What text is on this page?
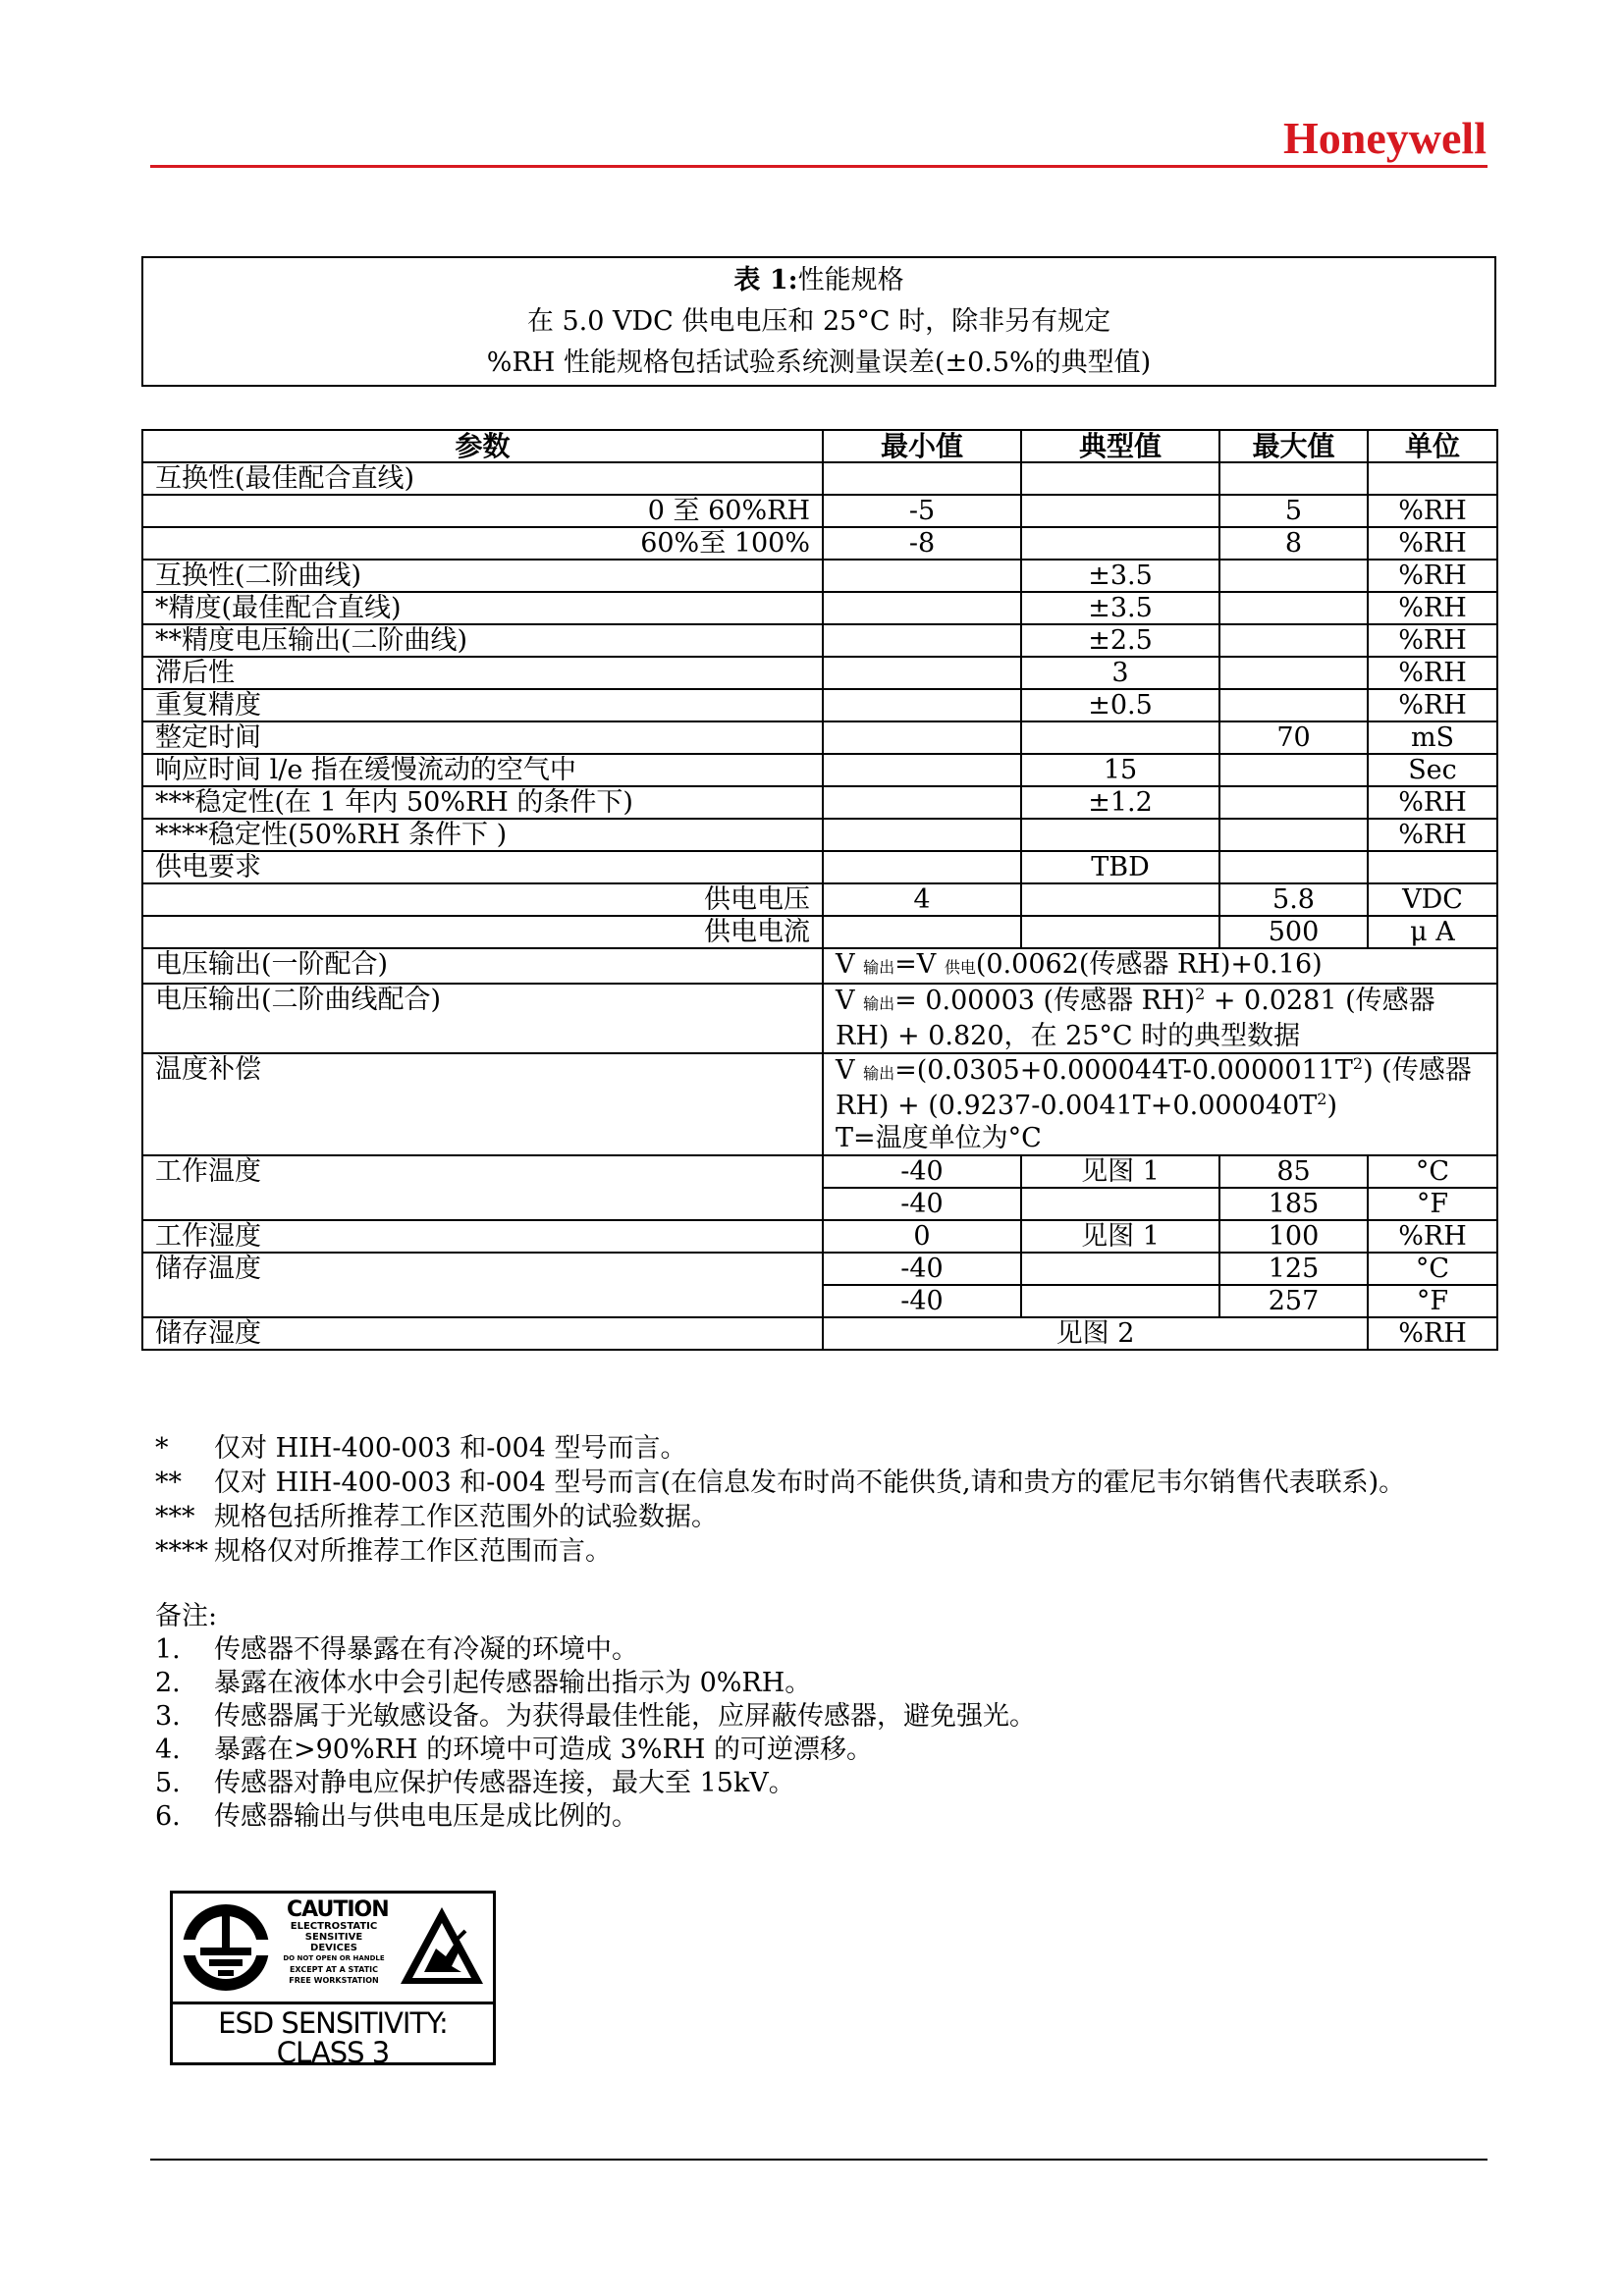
Honeywell
表 1:性能规格
在 5.0 VDC 供电电压和 25°C 时，除非另有规定
%RH 性能规格包括试验系统测量误差(±0.5%的典型值)
参数	最小值	典型值	最大值	单位
互换性(最佳配合直线)				
0 至 60%RH	-5		5	%RH
60%至 100%	-8		8	%RH
互换性(二阶曲线)		±3.5		%RH
*精度(最佳配合直线)		±3.5		%RH
**精度电压输出(二阶曲线)		±2.5		%RH
滞后性		3		%RH
重复精度		±0.5		%RH
整定时间			70	mS
响应时间 l/e 指在缓慢流动的空气中		15		Sec
***稳定性(在 1 年内 50%RH 的条件下)		±1.2		%RH
****稳定性(50%RH 条件下 )				%RH
供电要求		TBD		
供电电压	4		5.8	VDC
供电电流			500	μ A
电压输出(一阶配合)	V 输出=V 供电(0.0062(传感器 RH)+0.16)			
电压输出(二阶曲线配合)	V 输出= 0.00003 (传感器 RH)$^2$ + 0.0281 (传感器 RH) + 0.820，在 25°C 时的典型数据			
温度补偿	V 输出$=(0.0305+0.000044T-0.0000011T^2)$ (传感器 $RH) + (0.9237-0.0041T+0.000040T^2)$
T=温度单位为°C			
工作温度	-40	见图 1	85	°C
	-40		185	°F
工作湿度	0	见图 1	100	%RH
储存温度	-40		125	°C
	-40		257	°F
储存湿度	见图 2			%RH
*	仅对 HIH-400-003 和-004 型号而言。
**	仅对 HIH-400-003 和-004 型号而言(在信息发布时尚不能供货,请和贵方的霍尼韦尔销售代表联系)。
*** 规格包括所推荐工作区范围外的试验数据。
**** 规格仅对所推荐工作区范围而言。
备注:
1.	传感器不得暴露在有冷凝的环境中。
2.	暴露在液体水中会引起传感器输出指示为 0%RH。
3.	传感器属于光敏感设备。为获得最佳性能，应屏蔽传感器，避免强光。
4.	暴露在>90%RH 的环境中可造成 3%RH 的可逆漂移。
5.	传感器对静电应保护传感器连接，最大至 15kV。
6.	传感器输出与供电电压是成比例的。
CAUTION
ELECTROSTATIC
SENSITIVE
DEVICES
DO NOT OPEN OR HANDLE
EXCEPT AT A STATIC
FREE WORKSTATION
ESD SENSITIVITY:
CLASS 3
